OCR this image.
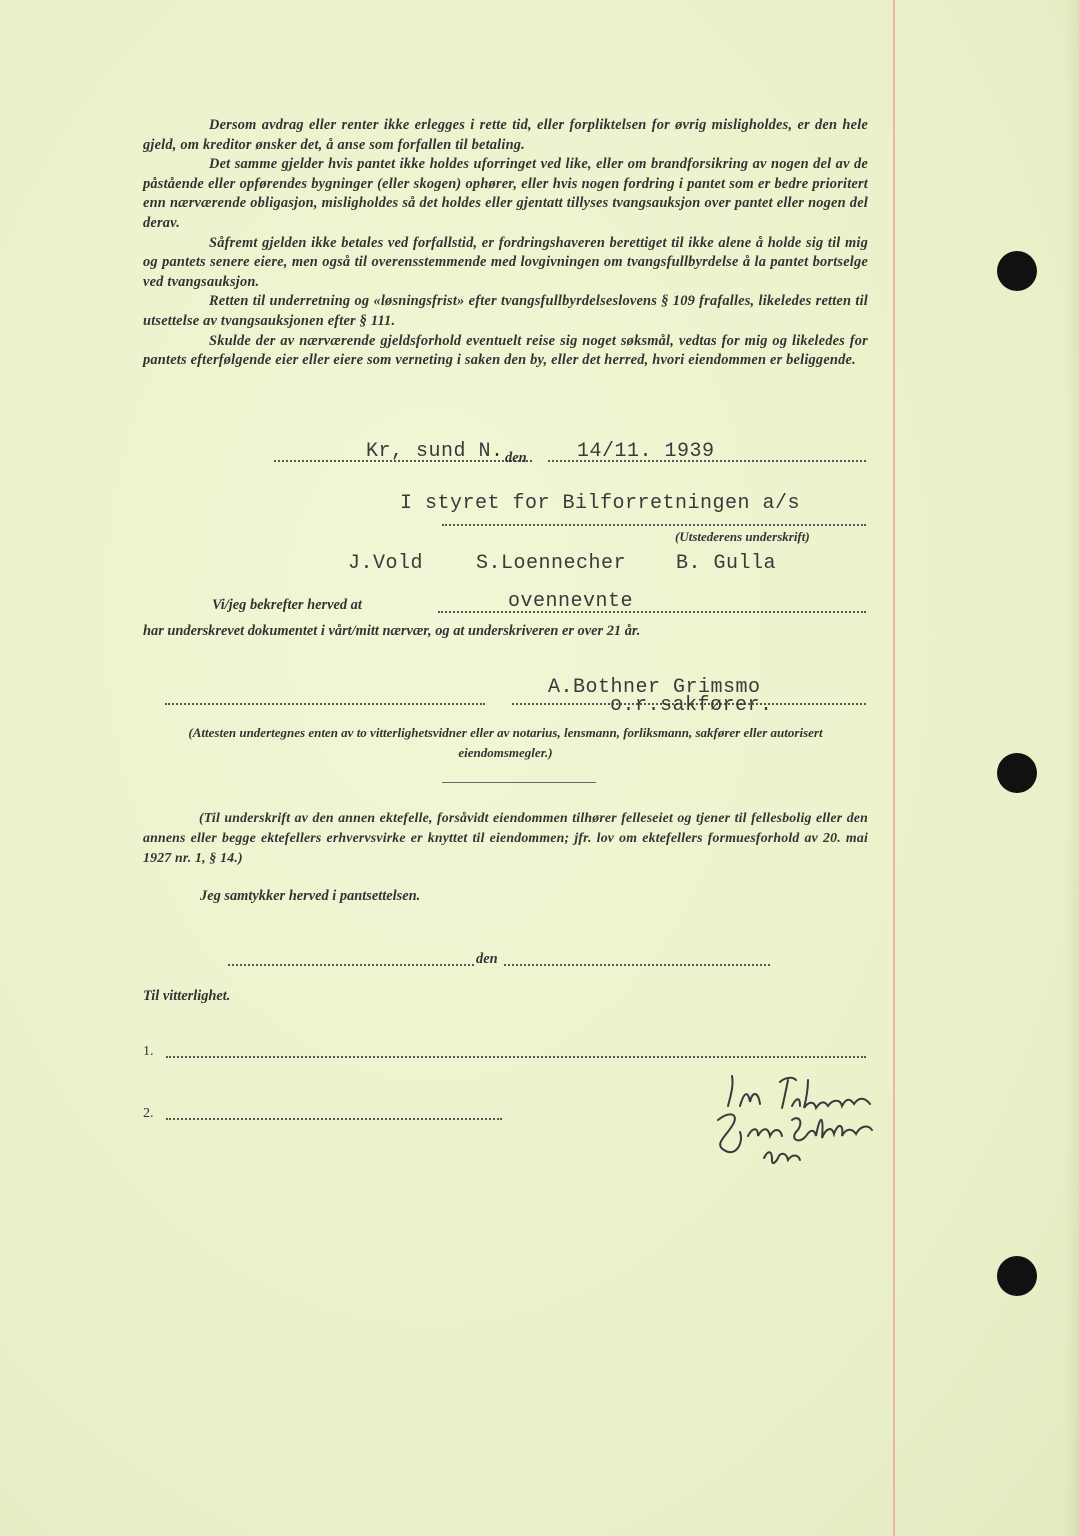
Dersom avdrag eller renter ikke erlegges i rette tid, eller forpliktelsen for øvrig misligholdes, er den hele gjeld, om kreditor ønsker det, å anse som forfallen til betaling.

Det samme gjelder hvis pantet ikke holdes uforringet ved like, eller om brandforsikring av nogen del av de påstående eller opførendes bygninger (eller skogen) ophører, eller hvis nogen fordring i pantet som er bedre prioritert enn nærværende obligasjon, misligholdes så det holdes eller gjentatt tillyses tvangsauksjon over pantet eller nogen del derav.

Såfremt gjelden ikke betales ved forfallstid, er fordringshaveren berettiget til ikke alene å holde sig til mig og pantets senere eiere, men også til overensstemmende med lovgivningen om tvangsfullbyrdelse å la pantet bortselge ved tvangsauksjon.

Retten til underretning og «løsningsfrist» efter tvangsfullbyrdelseslovens § 109 frafalles, likeledes retten til utsettelse av tvangsauksjonen efter § 111.

Skulde der av nærværende gjeldsforhold eventuelt reise sig noget søksmål, vedtas for mig og likeledes for pantets efterfølgende eier eller eiere som verneting i saken den by, eller det herred, hvori eiendommen er beliggende.

Kr, sund N. den	14/11. 1939
I styret for Bilforretningen a/s
(Utstederens underskrift)
J.Vold	S.Loennecher B. Gulla
Vi/jeg bekrefter herved at	ovennevnte
har underskrevet dokumentet i vårt/mitt nærvær, og at underskriveren er over 21 år.
A.Bothner Grimsmo
o.r.sakfører.
(Attesten undertegnes enten av to vitterlighetsvidner eller av notarius, lensmann, forliksmann, sakfører eller autorisert eiendomsmegler.)

(Til underskrift av den annen ektefelle, forsåvidt eiendommen tilhører felleseiet og tjener til fellesbolig eller den annens eller begge ektefellers erhvervsvirke er knyttet til eiendommen; jfr. lov om ektefellers formuesforhold av 20. mai 1927 nr. 1, § 14.)

Jeg samtykker herved i pantsettelsen.
den
Til vitterlighet.
1.
2.
